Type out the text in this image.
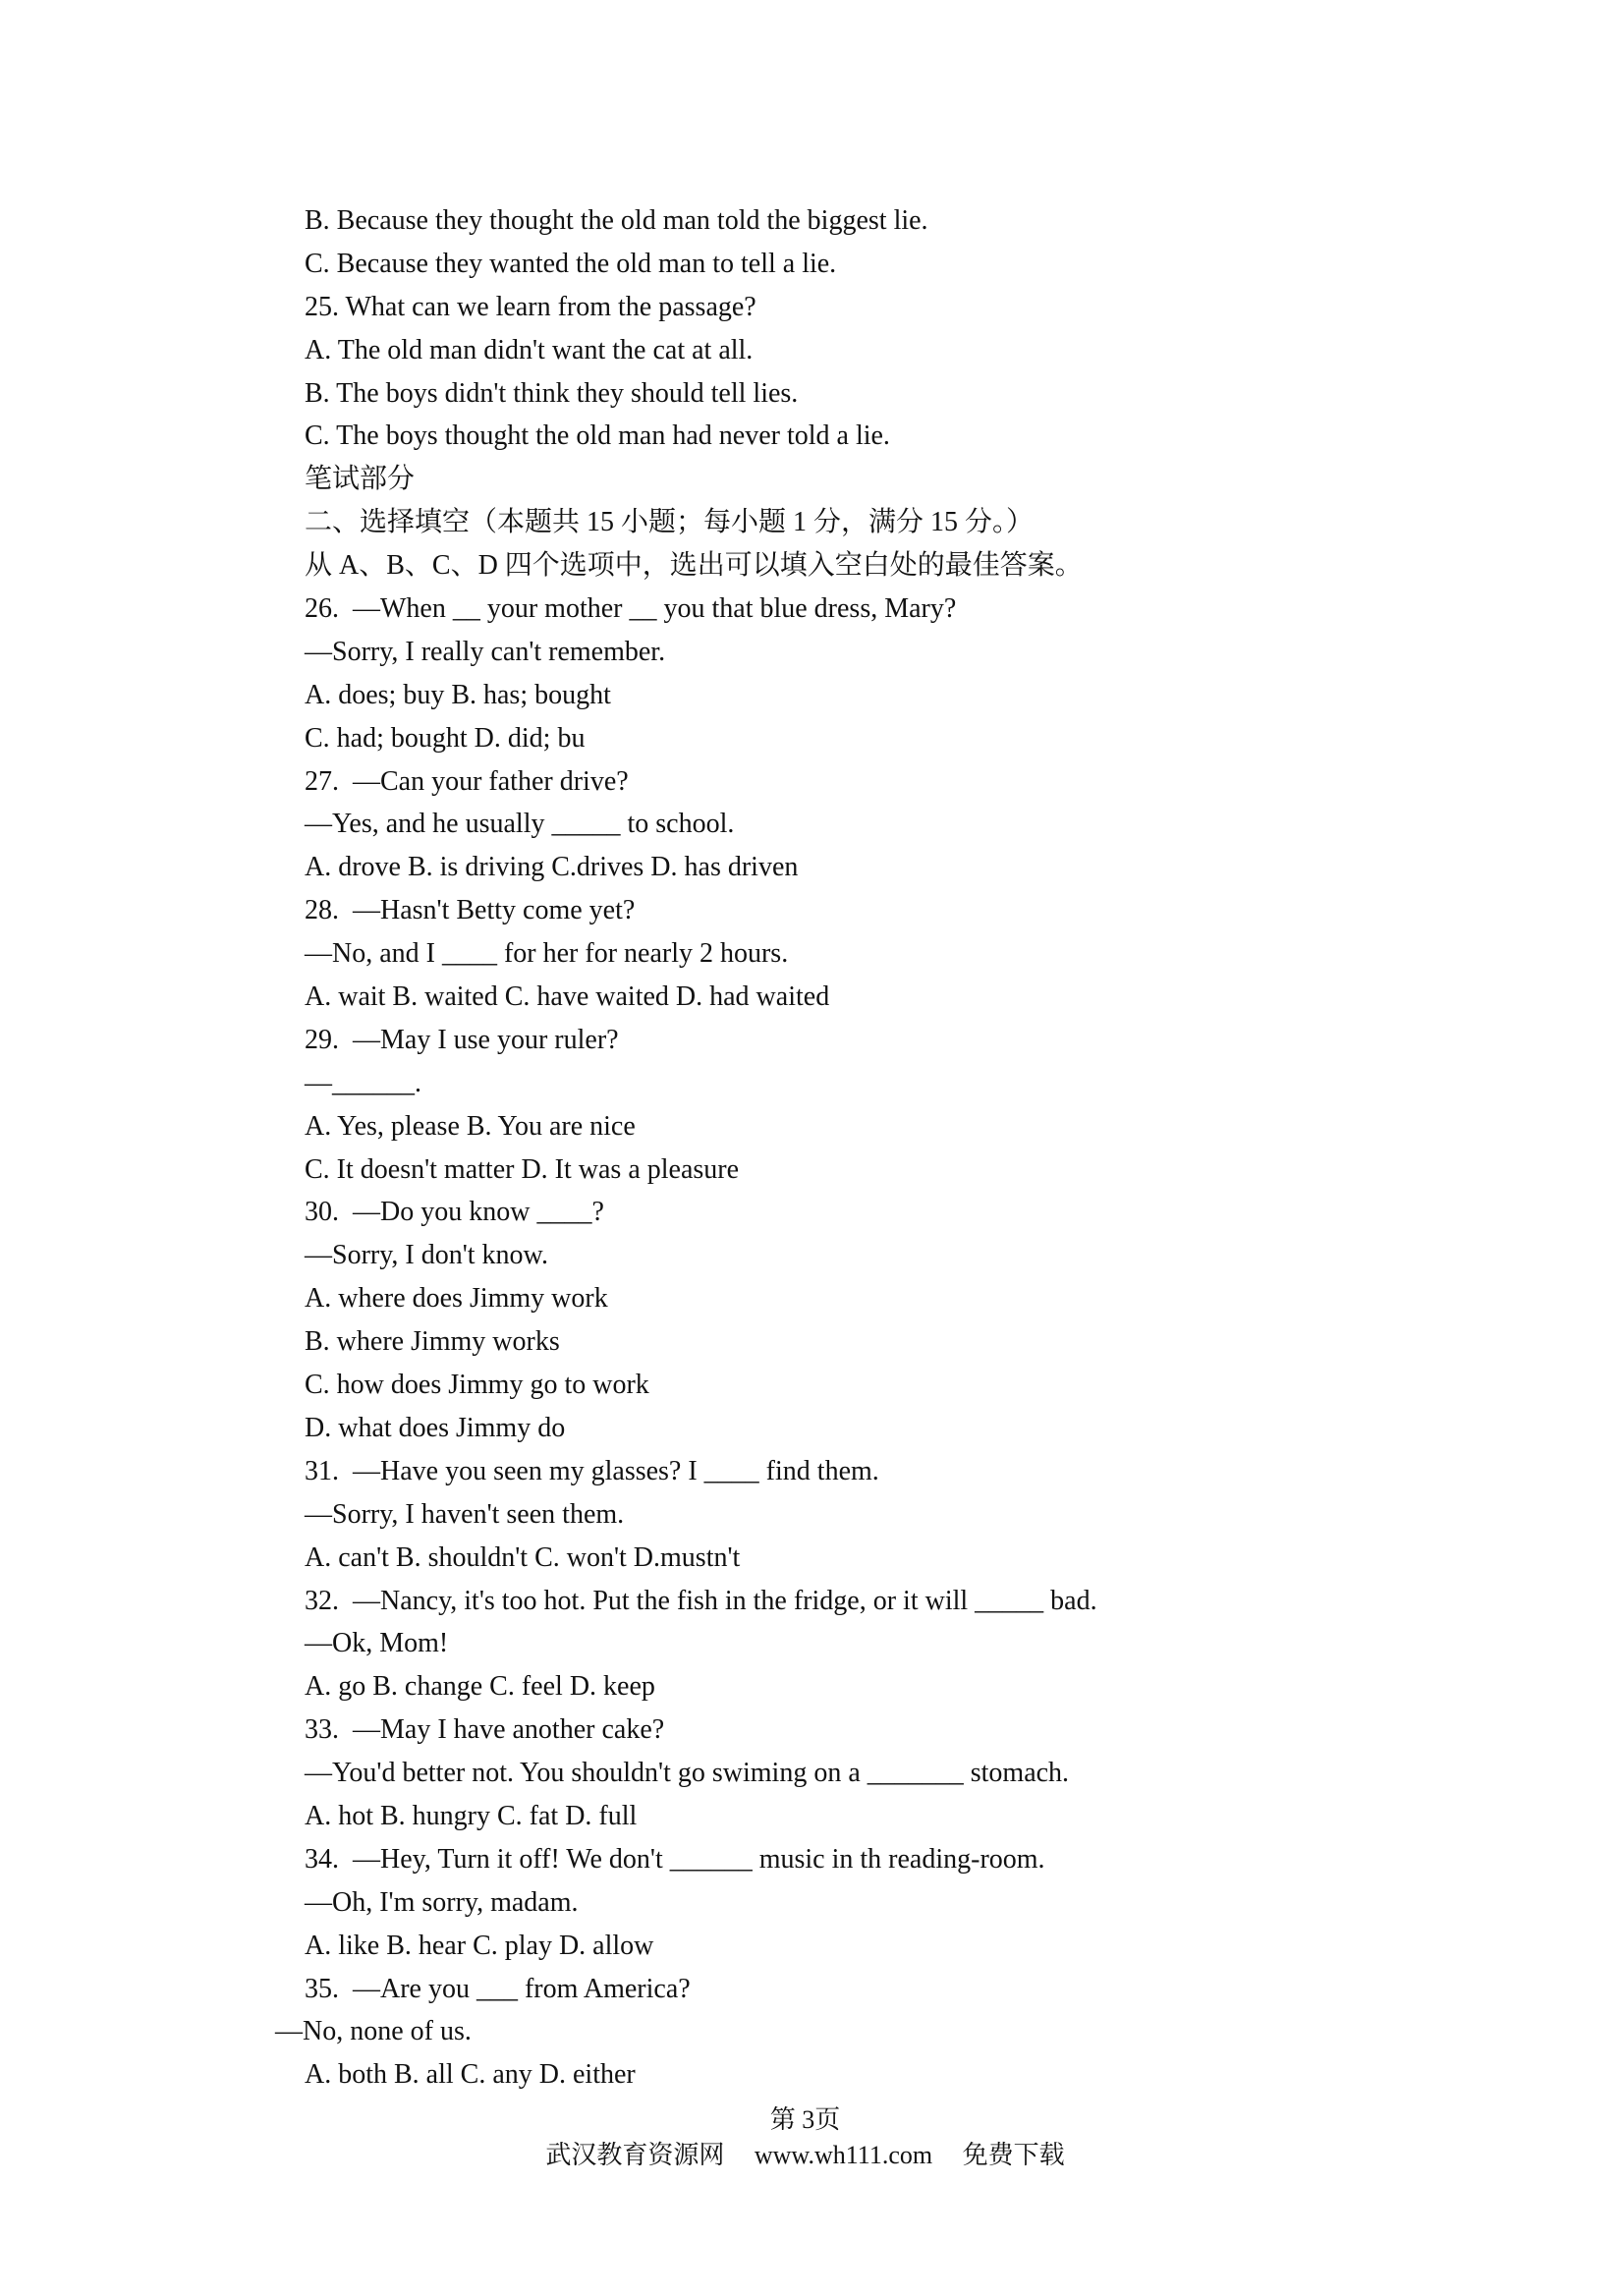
B. Because they thought the old man told the biggest lie.
C. Because they wanted the old man to tell a lie.
25. What can we learn from the passage?
A. The old man didn't want the cat at all.
B. The boys didn't think they should tell lies.
C. The boys thought the old man had never told a lie.
笔试部分
二、选择填空（本题共 15 小题；每小题 1 分，满分 15 分。）
从 A、B、C、D 四个选项中，选出可以填入空白处的最佳答案。
26.  —When __ your mother __ you that blue dress, Mary?
—Sorry, I really can't remember.
A. does; buy B. has; bought
C. had; bought D. did; bu
27.  —Can your father drive?
—Yes, and he usually _____ to school.
A. drove B. is driving C.drives D. has driven
28.  —Hasn't Betty come yet?
—No, and I ____ for her for nearly 2 hours.
A. wait B. waited C. have waited D. had waited
29.  —May I use your ruler?
—______.
A. Yes, please B. You are nice
C. It doesn't matter D. It was a pleasure
30.  —Do you know ____?
—Sorry, I don't know.
A. where does Jimmy work
B. where Jimmy works
C. how does Jimmy go to work
D. what does Jimmy do
31.  —Have you seen my glasses? I ____ find them.
—Sorry, I haven't seen them.
A. can't B. shouldn't C. won't D.mustn't
32.  —Nancy, it's too hot. Put the fish in the fridge, or it will _____ bad.
—Ok, Mom!
A. go B. change C. feel D. keep
33.  —May I have another cake?
—You'd better not. You shouldn't go swiming on a _______ stomach.
A. hot B. hungry C. fat D. full
34.  —Hey, Turn it off! We don't ______ music in th reading-room.
—Oh, I'm sorry, madam.
A. like B. hear C. play D. allow
35.  —Are you ___ from America?
—No, none of us.
A. both B. all C. any D. either
第 3页
武汉教育资源网 www.wh111.com 免费下载
